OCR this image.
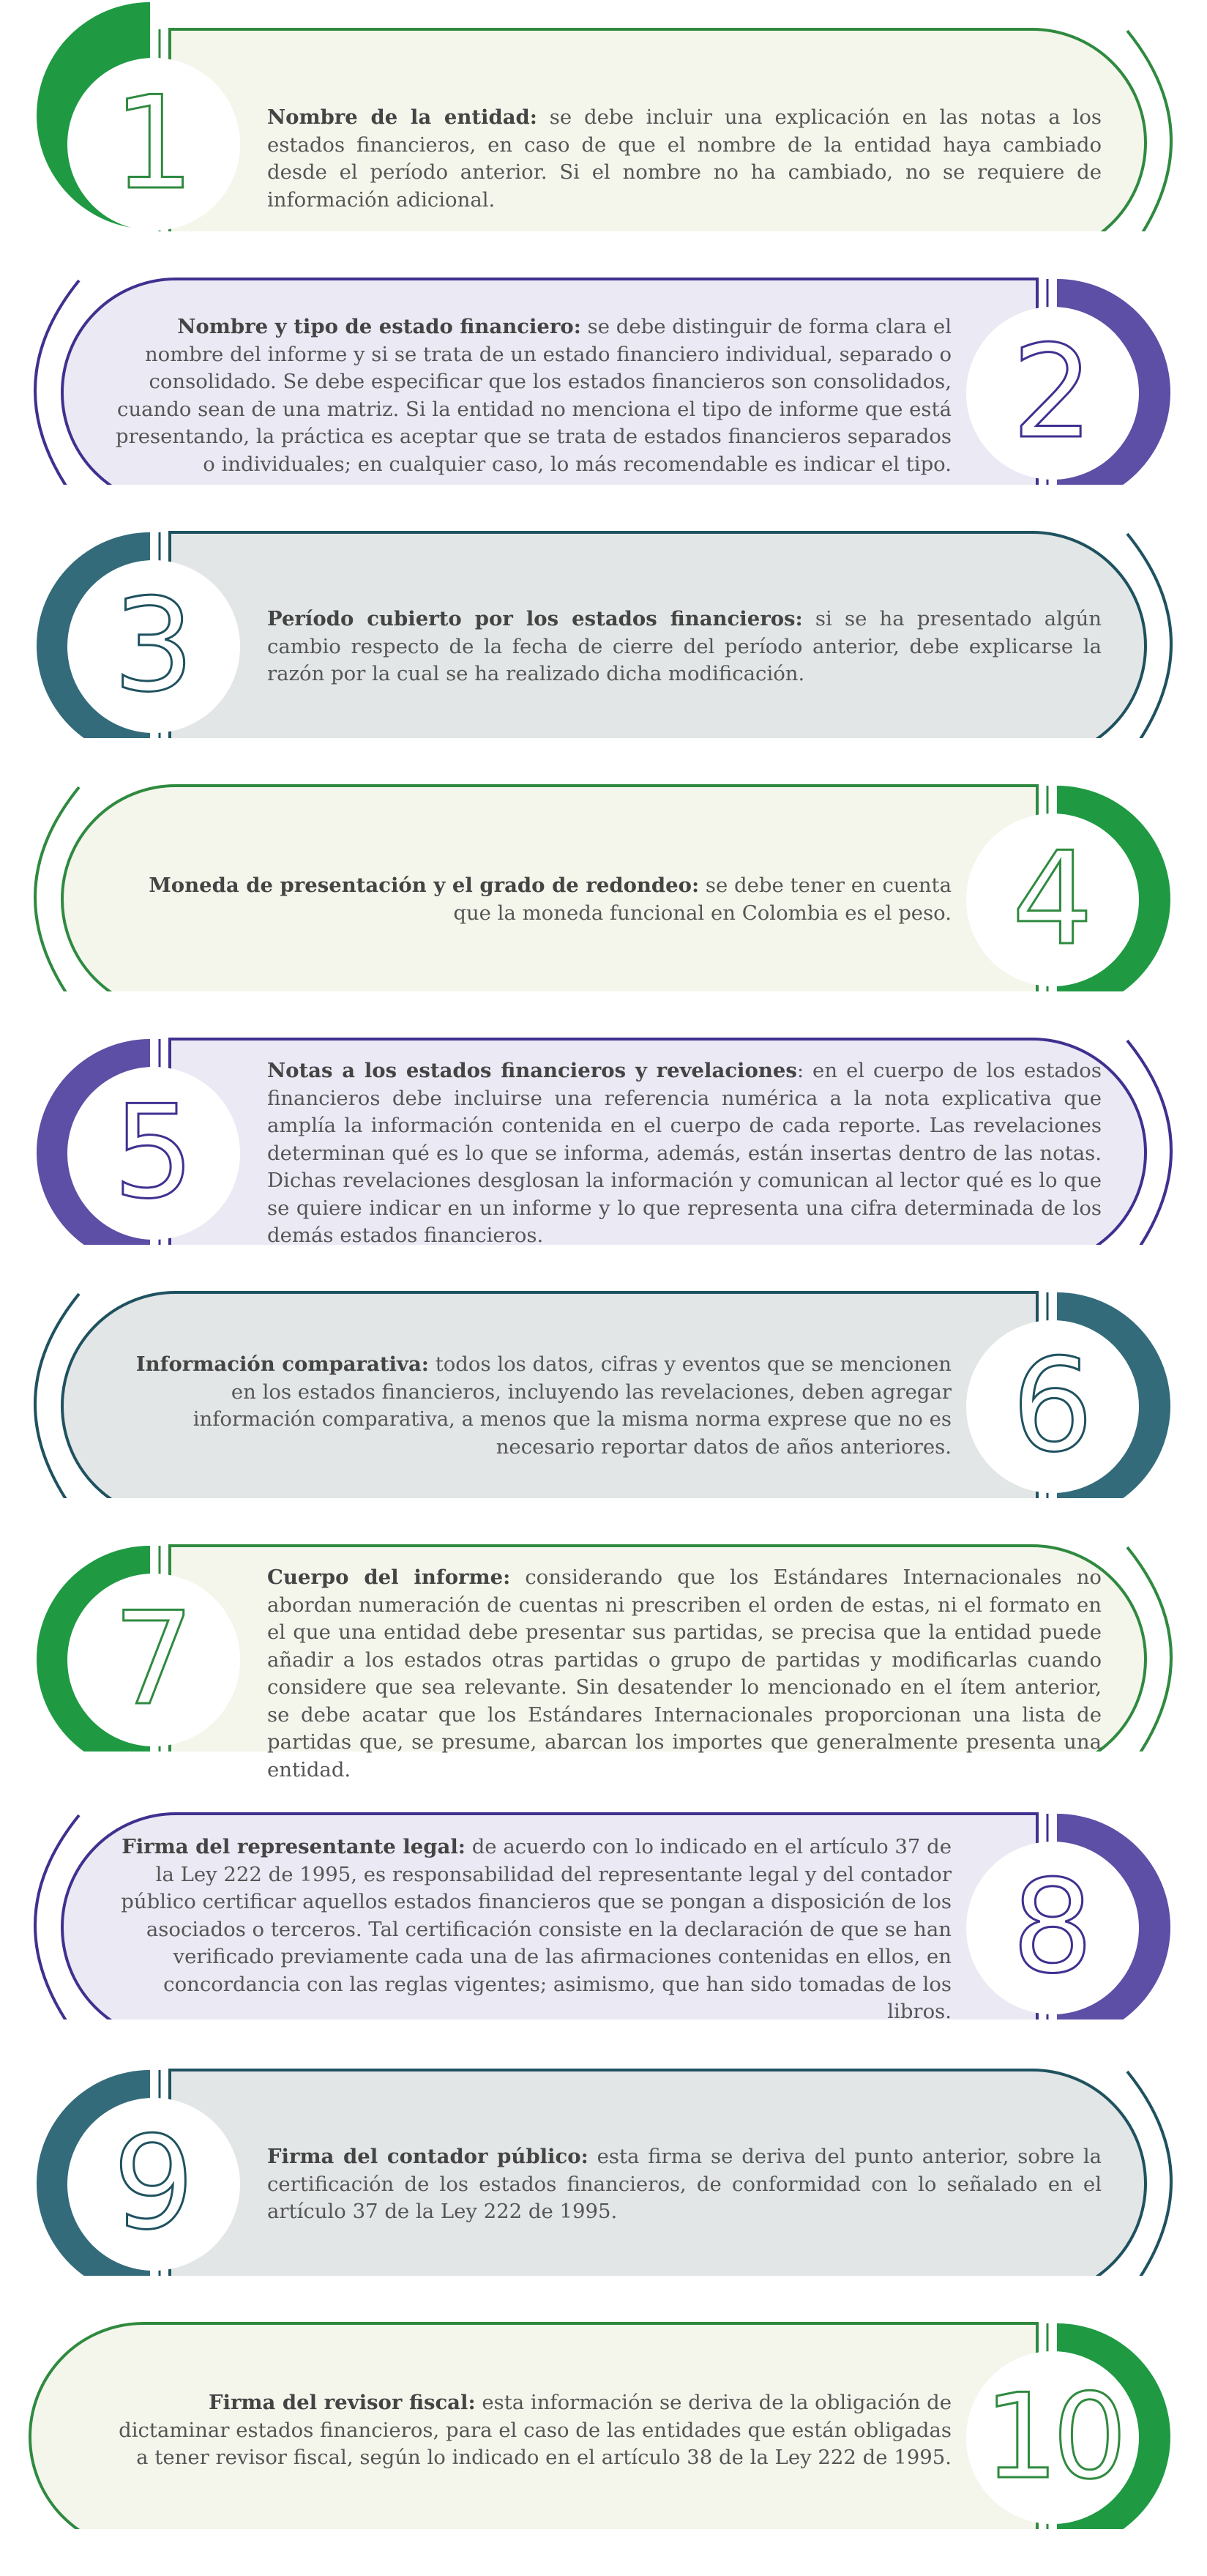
1	Nombre de la entidad: se debe incluir una explicación en las notas a los estados financieros, en caso de que el nombre de la entidad haya cambiado desde el período anterior. Si el nombre no ha cambiado, no se requiere de información adicional.
2
Nombre y tipo de estado financiero: se debe distinguir de forma clara el nombre del informe y si se trata de un estado financiero individual, separado o consolidado. Se debe especificar que los estados financieros son consolidados, cuando sean de una matriz. Si la entidad no menciona el tipo de informe que está presentando, la práctica es aceptar que se trata de estados financieros separados o individuales; en cualquier caso, lo más recomendable es indicar el tipo.
3	Período cubierto por los estados financieros: si se ha presentado algún cambio respecto de la fecha de cierre del período anterior, debe explicarse la razón por la cual se ha realizado dicha modificación.
4
Moneda de presentación y el grado de redondeo: se debe tener en cuenta que la moneda funcional en Colombia es el peso.
5
Notas a los estados financieros y revelaciones: en el cuerpo de los estados financieros debe incluirse una referencia numérica a la nota explicativa que amplía la información contenida en el cuerpo de cada reporte. Las revelaciones determinan qué es lo que se informa, además, están insertas dentro de las notas. Dichas revelaciones desglosan la información y comunican al lector qué es lo que se quiere indicar en un informe y lo que representa una cifra determinada de los demás estados financieros.
6
Información comparativa: todos los datos, cifras y eventos que se mencionen en los estados financieros, incluyendo las revelaciones, deben agregar información comparativa, a menos que la misma norma exprese que no es necesario reportar datos de años anteriores.
7
Cuerpo del informe: considerando que los Estándares Internacionales no abordan numeración de cuentas ni prescriben el orden de estas, ni el formato en el que una entidad debe presentar sus partidas, se precisa que la entidad puede añadir a los estados otras partidas o grupo de partidas y modificarlas cuando considere que sea relevante. Sin desatender lo mencionado en el ítem anterior, se debe acatar que los Estándares Internacionales proporcionan una lista de partidas que, se presume, abarcan los importes que generalmente presenta una entidad.
8
Firma del representante legal: de acuerdo con lo indicado en el artículo 37 de la Ley 222 de 1995, es responsabilidad del representante legal y del contador público certificar aquellos estados financieros que se pongan a disposición de los asociados o terceros. Tal certificación consiste en la declaración de que se han verificado previamente cada una de las afirmaciones contenidas en ellos, en concordancia con las reglas vigentes; asimismo, que han sido tomadas de los libros.
9	Firma del contador público: esta firma se deriva del punto anterior, sobre la certificación de los estados financieros, de conformidad con lo señalado en el artículo 37 de la Ley 222 de 1995.
10
Firma del revisor fiscal: esta información se deriva de la obligación de dictaminar estados financieros, para el caso de las entidades que están obligadas a tener revisor fiscal, según lo indicado en el artículo 38 de la Ley 222 de 1995.
